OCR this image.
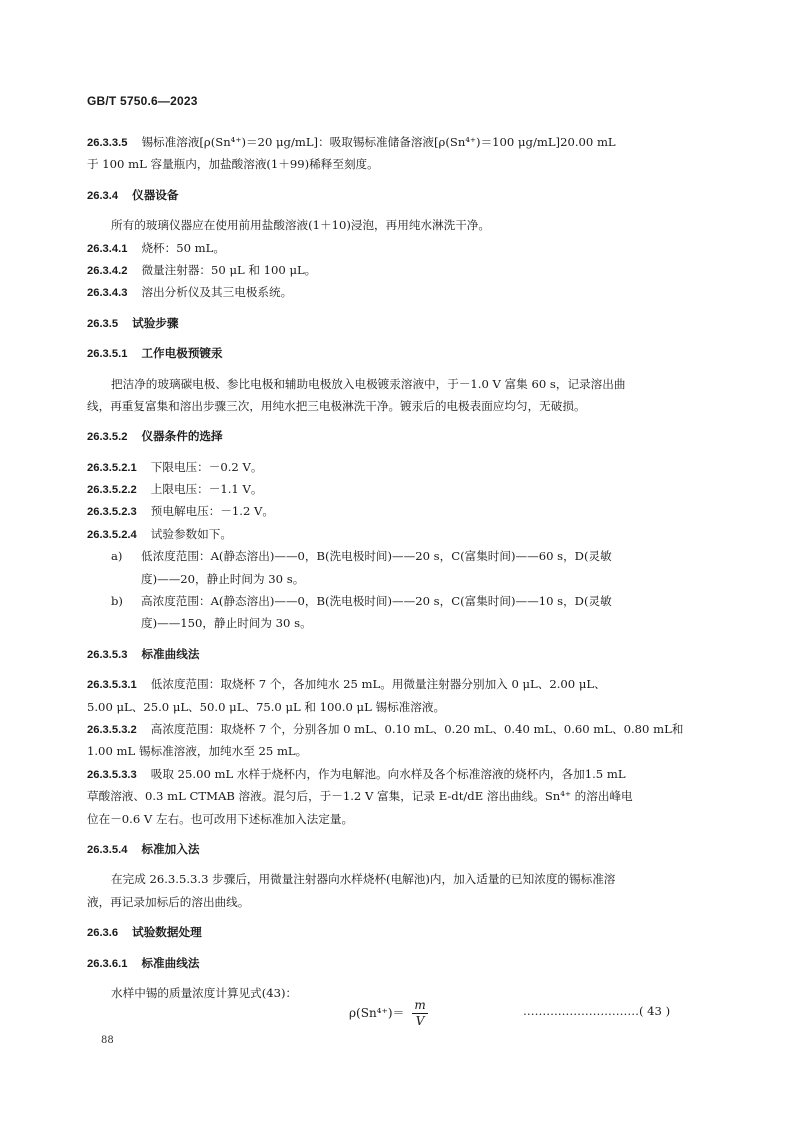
GB/T 5750.6—2023
26.3.3.5 锡标准溶液[ρ(Sn⁴⁺)＝20 μg/mL]：吸取锡标准储备溶液[ρ(Sn⁴⁺)＝100 μg/mL]20.00 mL
于 100 mL 容量瓶内，加盐酸溶液(1＋99)稀释至刻度。
26.3.4 仪器设备
所有的玻璃仪器应在使用前用盐酸溶液(1＋10)浸泡，再用纯水淋洗干净。
26.3.4.1 烧杯：50 mL。
26.3.4.2 微量注射器：50 μL 和 100 μL。
26.3.4.3 溶出分析仪及其三电极系统。
26.3.5 试验步骤
26.3.5.1 工作电极预镀汞
把洁净的玻璃碳电极、参比电极和辅助电极放入电极镀汞溶液中，于－1.0 V 富集 60 s，记录溶出曲
线，再重复富集和溶出步骤三次，用纯水把三电极淋洗干净。镀汞后的电极表面应均匀，无破损。
26.3.5.2 仪器条件的选择
26.3.5.2.1 下限电压：－0.2 V。
26.3.5.2.2 上限电压：－1.1 V。
26.3.5.2.3 预电解电压：－1.2 V。
26.3.5.2.4 试验参数如下。
a) 低浓度范围：A(静态溶出)——0，B(洗电极时间)——20 s，C(富集时间)——60 s，D(灵敏
度)——20，静止时间为 30 s。
b) 高浓度范围：A(静态溶出)——0，B(洗电极时间)——20 s，C(富集时间)——10 s，D(灵敏
度)——150，静止时间为 30 s。
26.3.5.3 标准曲线法
26.3.5.3.1 低浓度范围：取烧杯 7 个，各加纯水 25 mL。用微量注射器分别加入 0 μL、2.00 μL、
5.00 μL、25.0 μL、50.0 μL、75.0 μL 和 100.0 μL 锡标准溶液。
26.3.5.3.2 高浓度范围：取烧杯 7 个，分别各加 0 mL、0.10 mL、0.20 mL、0.40 mL、0.60 mL、0.80 mL和
1.00 mL 锡标准溶液，加纯水至 25 mL。
26.3.5.3.3 吸取 25.00 mL 水样于烧杯内，作为电解池。向水样及各个标准溶液的烧杯内，各加1.5 mL
草酸溶液、0.3 mL CTMAB 溶液。混匀后，于－1.2 V 富集，记录 E-dt/dE 溶出曲线。Sn⁴⁺ 的溶出峰电
位在－0.6 V 左右。也可改用下述标准加入法定量。
26.3.5.4 标准加入法
在完成 26.3.5.3.3 步骤后，用微量注射器向水样烧杯(电解池)内，加入适量的已知浓度的锡标准溶
液，再记录加标后的溶出曲线。
26.3.6 试验数据处理
26.3.6.1 标准曲线法
水样中锡的质量浓度计算见式(43)：
$\rho(Sn^{4+})= \frac{m}{V}$	…………………………( 43 )
88
